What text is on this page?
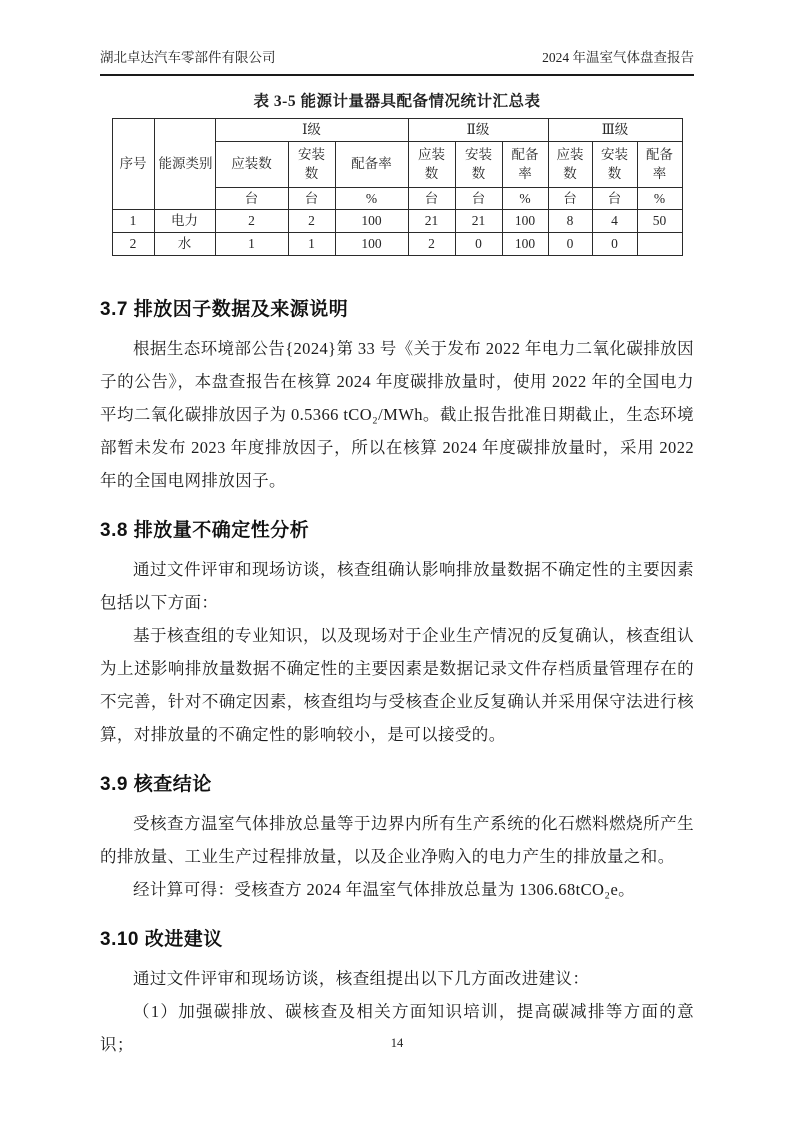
湖北卓达汽车零部件有限公司	2024 年温室气体盘查报告
表 3-5 能源计量器具配备情况统计汇总表
序号	能源类别	Ⅰ级			Ⅱ级			Ⅲ级		
		应装数	安装数	配备率	应装数	安装数	配备率	应装数	安装数	配备率
		台	台	%	台	台	%	台	台	%
1	电力	2	2	100	21	21	100	8	4	50
2	水	1	1	100	2	0	100	0	0	
3.7 排放因子数据及来源说明

根据生态环境部公告{2024}第 33 号《关于发布 2022 年电力二氧化碳排放因子的公告》，本盘查报告在核算 2024 年度碳排放量时，使用 2022 年的全国电力平均二氧化碳排放因子为 0.5366 tCO₂/MWh。截止报告批准日期截止，生态环境部暂未发布 2023 年度排放因子，所以在核算 2024 年度碳排放量时，采用 2022 年的全国电网排放因子。

3.8 排放量不确定性分析

通过文件评审和现场访谈，核查组确认影响排放量数据不确定性的主要因素包括以下方面：

基于核查组的专业知识，以及现场对于企业生产情况的反复确认，核查组认为上述影响排放量数据不确定性的主要因素是数据记录文件存档质量管理存在的不完善，针对不确定因素，核查组均与受核查企业反复确认并采用保守法进行核算，对排放量的不确定性的影响较小，是可以接受的。

3.9 核查结论

受核查方温室气体排放总量等于边界内所有生产系统的化石燃料燃烧所产生的排放量、工业生产过程排放量，以及企业净购入的电力产生的排放量之和。

经计算可得：受核查方 2024 年温室气体排放总量为 1306.68tCO₂e。

3.10 改进建议

通过文件评审和现场访谈，核查组提出以下几方面改进建议：

（1）加强碳排放、碳核查及相关方面知识培训，提高碳减排等方面的意识；	14
